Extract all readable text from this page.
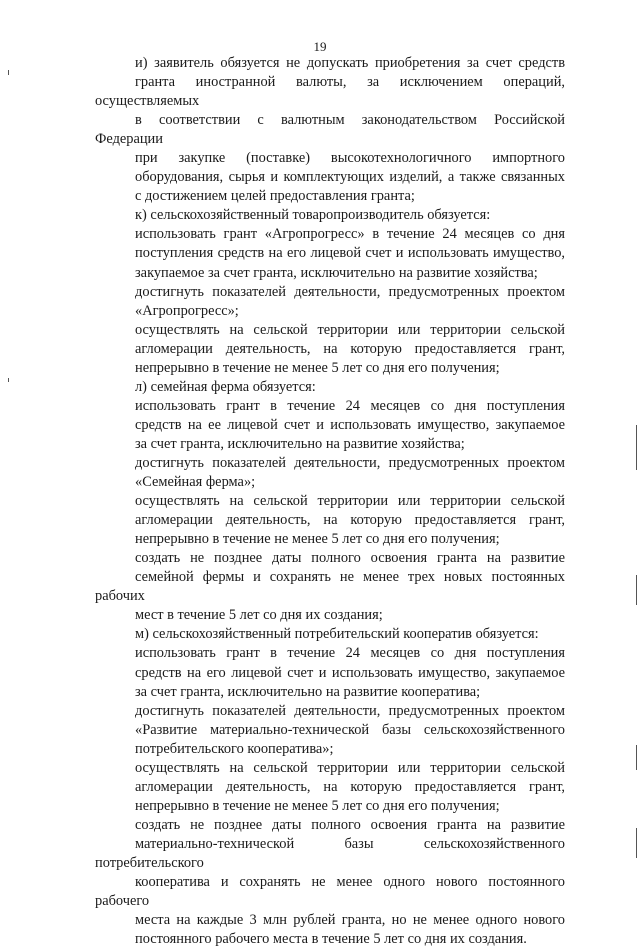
19

и) заявитель обязуется не допускать приобретения за счет средств
гранта иностранной валюты, за исключением операций, осуществляемых
в соответствии с валютным законодательством Российской Федерации
при закупке (поставке) высокотехнологичного импортного
оборудования, сырья и комплектующих изделий, а также связанных
с достижением целей предоставления гранта;

к) сельскохозяйственный товаропроизводитель обязуется:

использовать грант «Агропрогресс» в течение 24 месяцев со дня
поступления средств на его лицевой счет и использовать имущество,
закупаемое за счет гранта, исключительно на развитие хозяйства;

достигнуть показателей деятельности, предусмотренных проектом
«Агропрогресс»;

осуществлять на сельской территории или территории сельской
агломерации деятельность, на которую предоставляется грант,
непрерывно в течение не менее 5 лет со дня его получения;

л) семейная ферма обязуется:

использовать грант в течение 24 месяцев со дня поступления
средств на ее лицевой счет и использовать имущество, закупаемое
за счет гранта, исключительно на развитие хозяйства;

достигнуть показателей деятельности, предусмотренных проектом
«Семейная ферма»;

осуществлять на сельской территории или территории сельской
агломерации деятельность, на которую предоставляется грант,
непрерывно в течение не менее 5 лет со дня его получения;

создать не позднее даты полного освоения гранта на развитие
семейной фермы и сохранять не менее трех новых постоянных рабочих
мест в течение 5 лет со дня их создания;

м) сельскохозяйственный потребительский кооператив обязуется:

использовать грант в течение 24 месяцев со дня поступления
средств на его лицевой счет и использовать имущество, закупаемое
за счет гранта, исключительно на развитие кооператива;

достигнуть показателей деятельности, предусмотренных проектом
«Развитие материально-технической базы сельскохозяйственного
потребительского кооператива»;

осуществлять на сельской территории или территории сельской
агломерации деятельность, на которую предоставляется грант,
непрерывно в течение не менее 5 лет со дня его получения;

создать не позднее даты полного освоения гранта на развитие
материально-технической базы сельскохозяйственного потребительского
кооператива и сохранять не менее одного нового постоянного рабочего
места на каждые 3 млн рублей гранта, но не менее одного нового
постоянного рабочего места в течение 5 лет со дня их создания.
